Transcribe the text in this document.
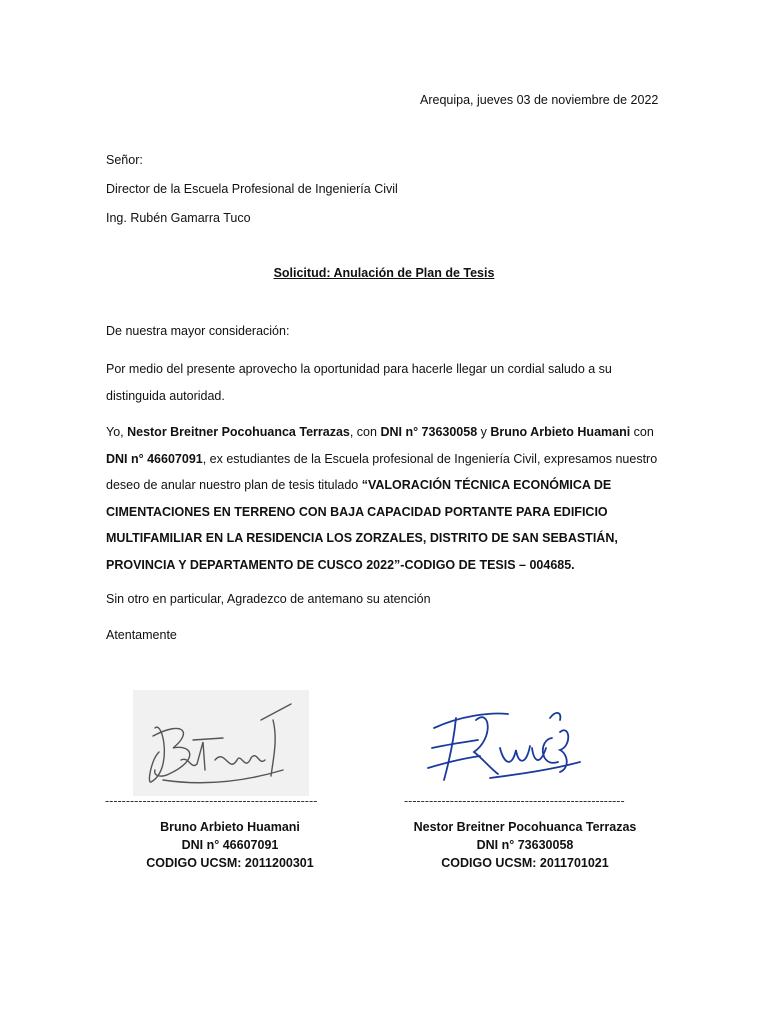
Arequipa, jueves 03 de noviembre de 2022
Señor:
Director de la Escuela Profesional de Ingeniería Civil
Ing. Rubén Gamarra Tuco
Solicitud: Anulación de Plan de Tesis
De nuestra mayor consideración:
Por medio del presente aprovecho la oportunidad para hacerle llegar un cordial saludo a su distinguida autoridad.
Yo, Nestor Breitner Pocohuanca Terrazas, con DNI n° 73630058 y Bruno Arbieto Huamani con DNI n° 46607091, ex estudiantes de la Escuela profesional de Ingeniería Civil, expresamos nuestro deseo de anular nuestro plan de tesis titulado “VALORACIÓN TÉCNICA ECONÓMICA DE CIMENTACIONES EN TERRENO CON BAJA CAPACIDAD PORTANTE PARA EDIFICIO MULTIFAMILIAR EN LA RESIDENCIA LOS ZORZALES, DISTRITO DE SAN SEBASTIÁN, PROVINCIA Y DEPARTAMENTO DE CUSCO 2022”-CODIGO DE TESIS – 004685.
Sin otro en particular, Agradezco de antemano su atención
Atentamente
---------------------------------------------------	-----------------------------------------------------
Bruno Arbieto Huamani
DNI n° 46607091
CODIGO UCSM: 2011200301
Nestor Breitner Pocohuanca Terrazas
DNI n° 73630058
CODIGO UCSM: 2011701021
